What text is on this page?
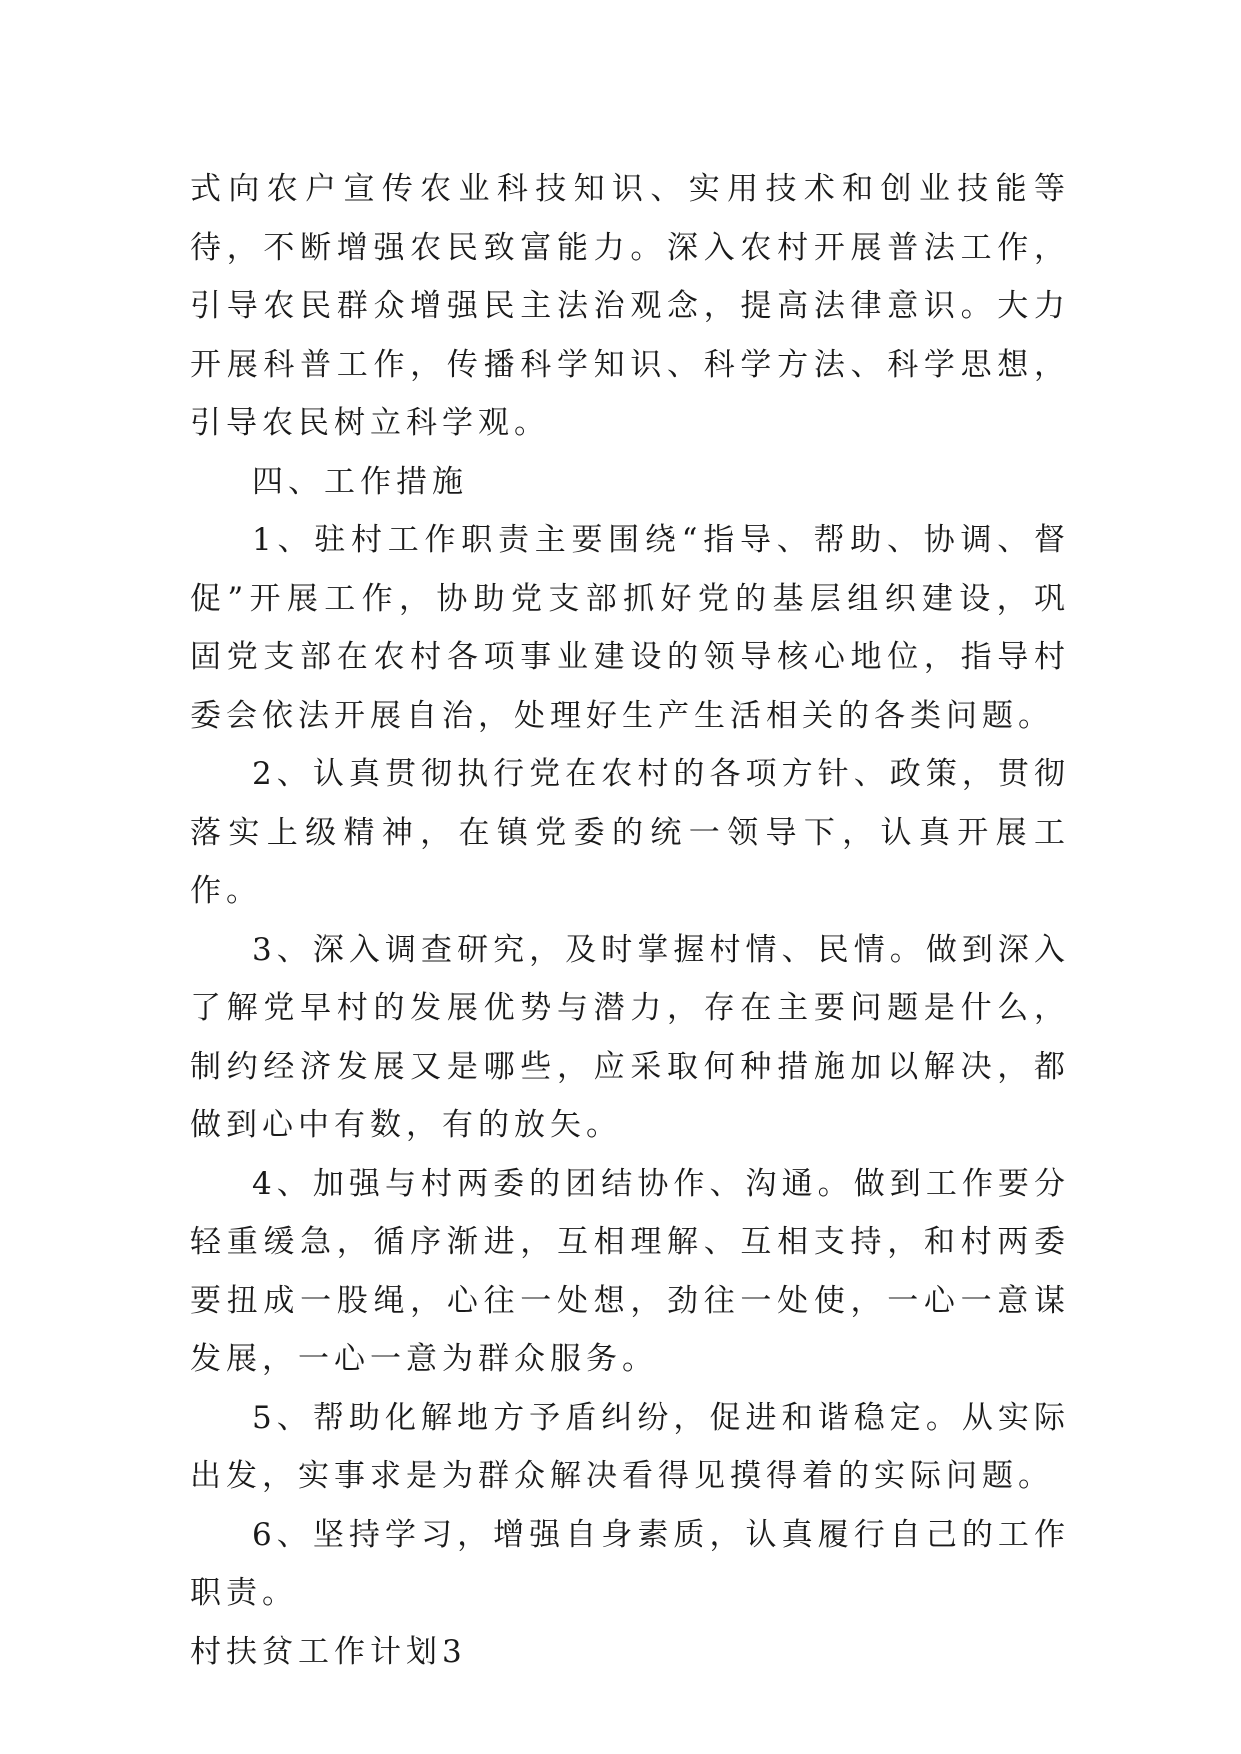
式向农户宣传农业科技知识、实用技术和创业技能等待，不断增强农民致富能力。深入农村开展普法工作，引导农民群众增强民主法治观念，提高法律意识。大力开展科普工作，传播科学知识、科学方法、科学思想，引导农民树立科学观。

四、工作措施

1、驻村工作职责主要围绕“指导、帮助、协调、督促”开展工作，协助党支部抓好党的基层组织建设，巩固党支部在农村各项事业建设的领导核心地位，指导村委会依法开展自治，处理好生产生活相关的各类问题。

2、认真贯彻执行党在农村的各项方针、政策，贯彻落实上级精神，在镇党委的统一领导下，认真开展工作。

3、深入调查研究，及时掌握村情、民情。做到深入了解党早村的发展优势与潜力，存在主要问题是什么，制约经济发展又是哪些，应采取何种措施加以解决，都做到心中有数，有的放矢。

4、加强与村两委的团结协作、沟通。做到工作要分轻重缓急，循序渐进，互相理解、互相支持，和村两委要扭成一股绳，心往一处想，劲往一处使，一心一意谋发展，一心一意为群众服务。

5、帮助化解地方予盾纠纷，促进和谐稳定。从实际出发，实事求是为群众解决看得见摸得着的实际问题。

6、坚持学习，增强自身素质，认真履行自己的工作职责。

村扶贫工作计划3
